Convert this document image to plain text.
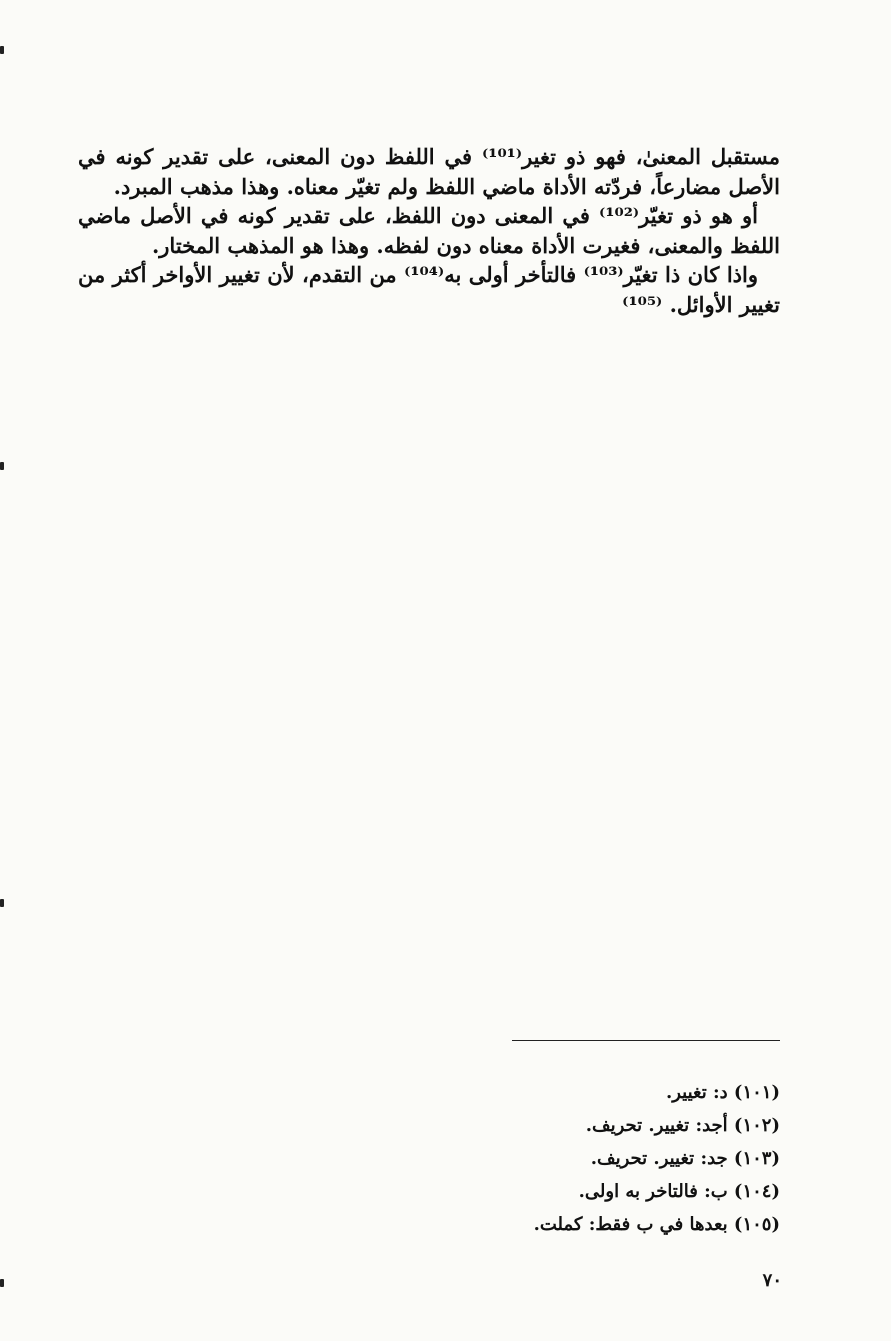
مستقبل المعنىٰ، فهو ذو تغير⁽¹⁰¹⁾ في اللفظ دون المعنى، على تقدير كونه في الأصل مضارعاً، فردّته الأداة ماضي اللفظ ولم تغيّر معناه. وهذا مذهب المبرد.

أو هو ذو تغيّر⁽¹⁰²⁾ في المعنى دون اللفظ، على تقدير كونه في الأصل ماضي اللفظ والمعنى، فغيرت الأداة معناه دون لفظه. وهذا هو المذهب المختار.

واذا كان ذا تغيّر⁽¹⁰³⁾ فالتأخر أولى به⁽¹⁰⁴⁾ من التقدم، لأن تغيير الأواخر أكثر من تغيير الأوائل. ⁽¹⁰⁵⁾

(١٠١) د: تغيير.
(١٠٢) أ‌جد: تغيير. تحريف.
(١٠٣) جد: تغيير. تحريف.
(١٠٤) ب: فالتاخر به اولى.
(١٠٥) بعدها في ب فقط: كملت.
٧٠
